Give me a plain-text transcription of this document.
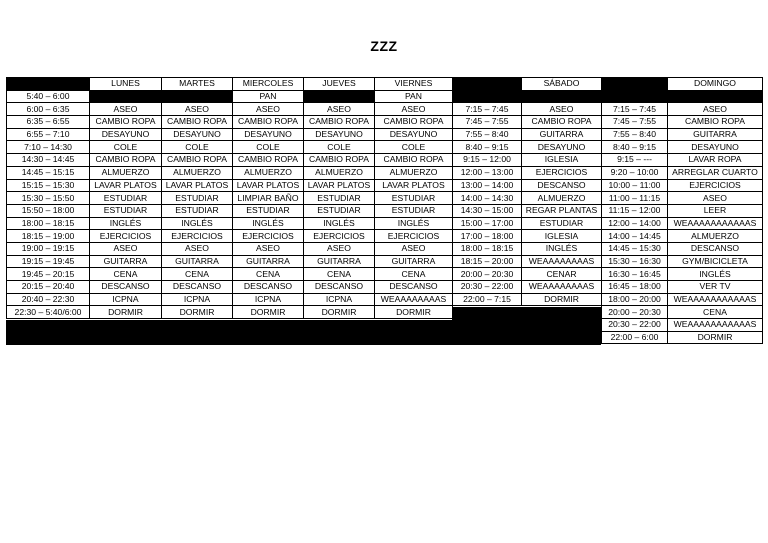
ZZZ
	LUNES	MARTES	MIERCOLES	JUEVES	VIERNES
5:40 – 6:00			PAN		PAN
6:00 – 6:35	ASEO	ASEO	ASEO	ASEO	ASEO
6:35 – 6:55	CAMBIO ROPA	CAMBIO ROPA	CAMBIO ROPA	CAMBIO ROPA	CAMBIO ROPA
6:55 – 7:10	DESAYUNO	DESAYUNO	DESAYUNO	DESAYUNO	DESAYUNO
7:10 – 14:30	COLE	COLE	COLE	COLE	COLE
14:30 – 14:45	CAMBIO ROPA	CAMBIO ROPA	CAMBIO ROPA	CAMBIO ROPA	CAMBIO ROPA
14:45 – 15:15	ALMUERZO	ALMUERZO	ALMUERZO	ALMUERZO	ALMUERZO
15:15 – 15:30	LAVAR PLATOS	LAVAR PLATOS	LAVAR PLATOS	LAVAR PLATOS	LAVAR PLATOS
15:30 – 15:50	ESTUDIAR	ESTUDIAR	LIMPIAR BAÑO	ESTUDIAR	ESTUDIAR
15:50 – 18:00	ESTUDIAR	ESTUDIAR	ESTUDIAR	ESTUDIAR	ESTUDIAR
18:00 – 18:15	INGLÉS	INGLÉS	INGLÉS	INGLÉS	INGLÉS
18:15 – 19:00	EJERCICIOS	EJERCICIOS	EJERCICIOS	EJERCICIOS	EJERCICIOS
19:00 – 19:15	ASEO	ASEO	ASEO	ASEO	ASEO
19:15 – 19:45	GUITARRA	GUITARRA	GUITARRA	GUITARRA	GUITARRA
19:45 – 20:15	CENA	CENA	CENA	CENA	CENA
20:15 – 20:40	DESCANSO	DESCANSO	DESCANSO	DESCANSO	DESCANSO
20:40 – 22:30	ICPNA	ICPNA	ICPNA	ICPNA	WEAAAAAAAAS
22:30 – 5:40/6:00	DORMIR	DORMIR	DORMIR	DORMIR	DORMIR
	SÁBADO

7:15 – 7:45	ASEO
7:45 – 7:55	CAMBIO ROPA
7:55 – 8:40	GUITARRA
8:40 – 9:15	DESAYUNO
9:15 – 12:00	IGLESIA
12:00 – 13:00	EJERCICIOS
13:00 – 14:00	DESCANSO
14:00 – 14:30	ALMUERZO
14:30 – 15:00	REGAR PLANTAS
15:00 – 17:00	ESTUDIAR
17:00 – 18:00	IGLESIA
18:00 – 18:15	INGLÉS
18:15 – 20:00	WEAAAAAAAAS
20:00 – 20:30	CENAR
20:30 – 22:00	WEAAAAAAAAS
22:00 – 7:15	DORMIR
	DOMINGO

7:15 – 7:45	ASEO
7:45 – 7:55	CAMBIO ROPA
7:55 – 8:40	GUITARRA
8:40 – 9:15	DESAYUNO
9:15 – ---	LAVAR ROPA
9:20 – 10:00	ARREGLAR CUARTO
10:00 – 11:00	EJERCICIOS
11:00 – 11:15	ASEO
11:15 – 12:00	LEER
12:00 – 14:00	WEAAAAAAAAAAAS
14:00 – 14:45	ALMUERZO
14:45 – 15:30	DESCANSO
15:30 – 16:30	GYM/BICICLETA
16:30 – 16:45	INGLÉS
16:45 – 18:00	VER TV
18:00 – 20:00	WEAAAAAAAAAAAS
20:00 – 20:30	CENA
20:30 – 22:00	WEAAAAAAAAAAAS
22:00 – 6:00	DORMIR
